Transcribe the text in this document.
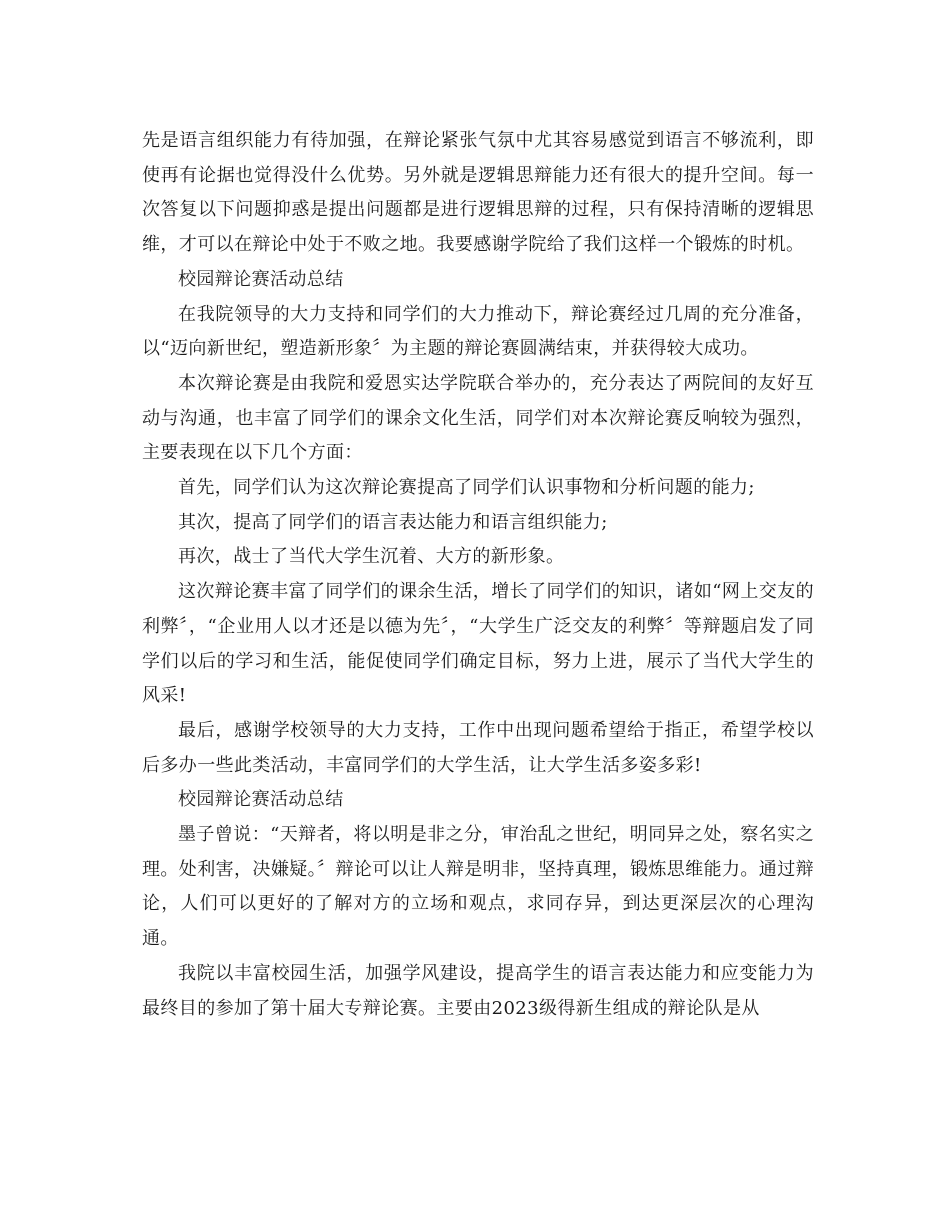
先是语言组织能力有待加强，在辩论紧张气氛中尤其容易感觉到语言不够流利，即使再有论据也觉得没什么优势。另外就是逻辑思辩能力还有很大的提升空间。每一次答复以下问题抑惑是提出问题都是进行逻辑思辩的过程，只有保持清晰的逻辑思维，才可以在辩论中处于不败之地。我要感谢学院给了我们这样一个锻炼的时机。

校园辩论赛活动总结

在我院领导的大力支持和同学们的大力推动下，辩论赛经过几周的充分准备，以“迈向新世纪，塑造新形象〞为主题的辩论赛圆满结束，并获得较大成功。

本次辩论赛是由我院和爱恩实达学院联合举办的，充分表达了两院间的友好互动与沟通，也丰富了同学们的课余文化生活，同学们对本次辩论赛反响较为强烈，主要表现在以下几个方面：

首先，同学们认为这次辩论赛提高了同学们认识事物和分析问题的能力;

其次，提高了同学们的语言表达能力和语言组织能力;

再次，战士了当代大学生沉着、大方的新形象。

这次辩论赛丰富了同学们的课余生活，增长了同学们的知识，诸如“网上交友的利弊〞，“企业用人以才还是以德为先〞，“大学生广泛交友的利弊〞等辩题启发了同学们以后的学习和生活，能促使同学们确定目标，努力上进，展示了当代大学生的风采!

最后，感谢学校领导的大力支持，工作中出现问题希望给于指正，希望学校以后多办一些此类活动，丰富同学们的大学生活，让大学生活多姿多彩!

校园辩论赛活动总结

墨子曾说：“天辩者，将以明是非之分，审治乱之世纪，明同异之处，察名实之理。处利害，决嫌疑。〞辩论可以让人辩是明非，坚持真理，锻炼思维能力。通过辩论，人们可以更好的了解对方的立场和观点，求同存异，到达更深层次的心理沟通。

我院以丰富校园生活，加强学风建设，提高学生的语言表达能力和应变能力为最终目的参加了第十届大专辩论赛。主要由2023级得新生组成的辩论队是从
